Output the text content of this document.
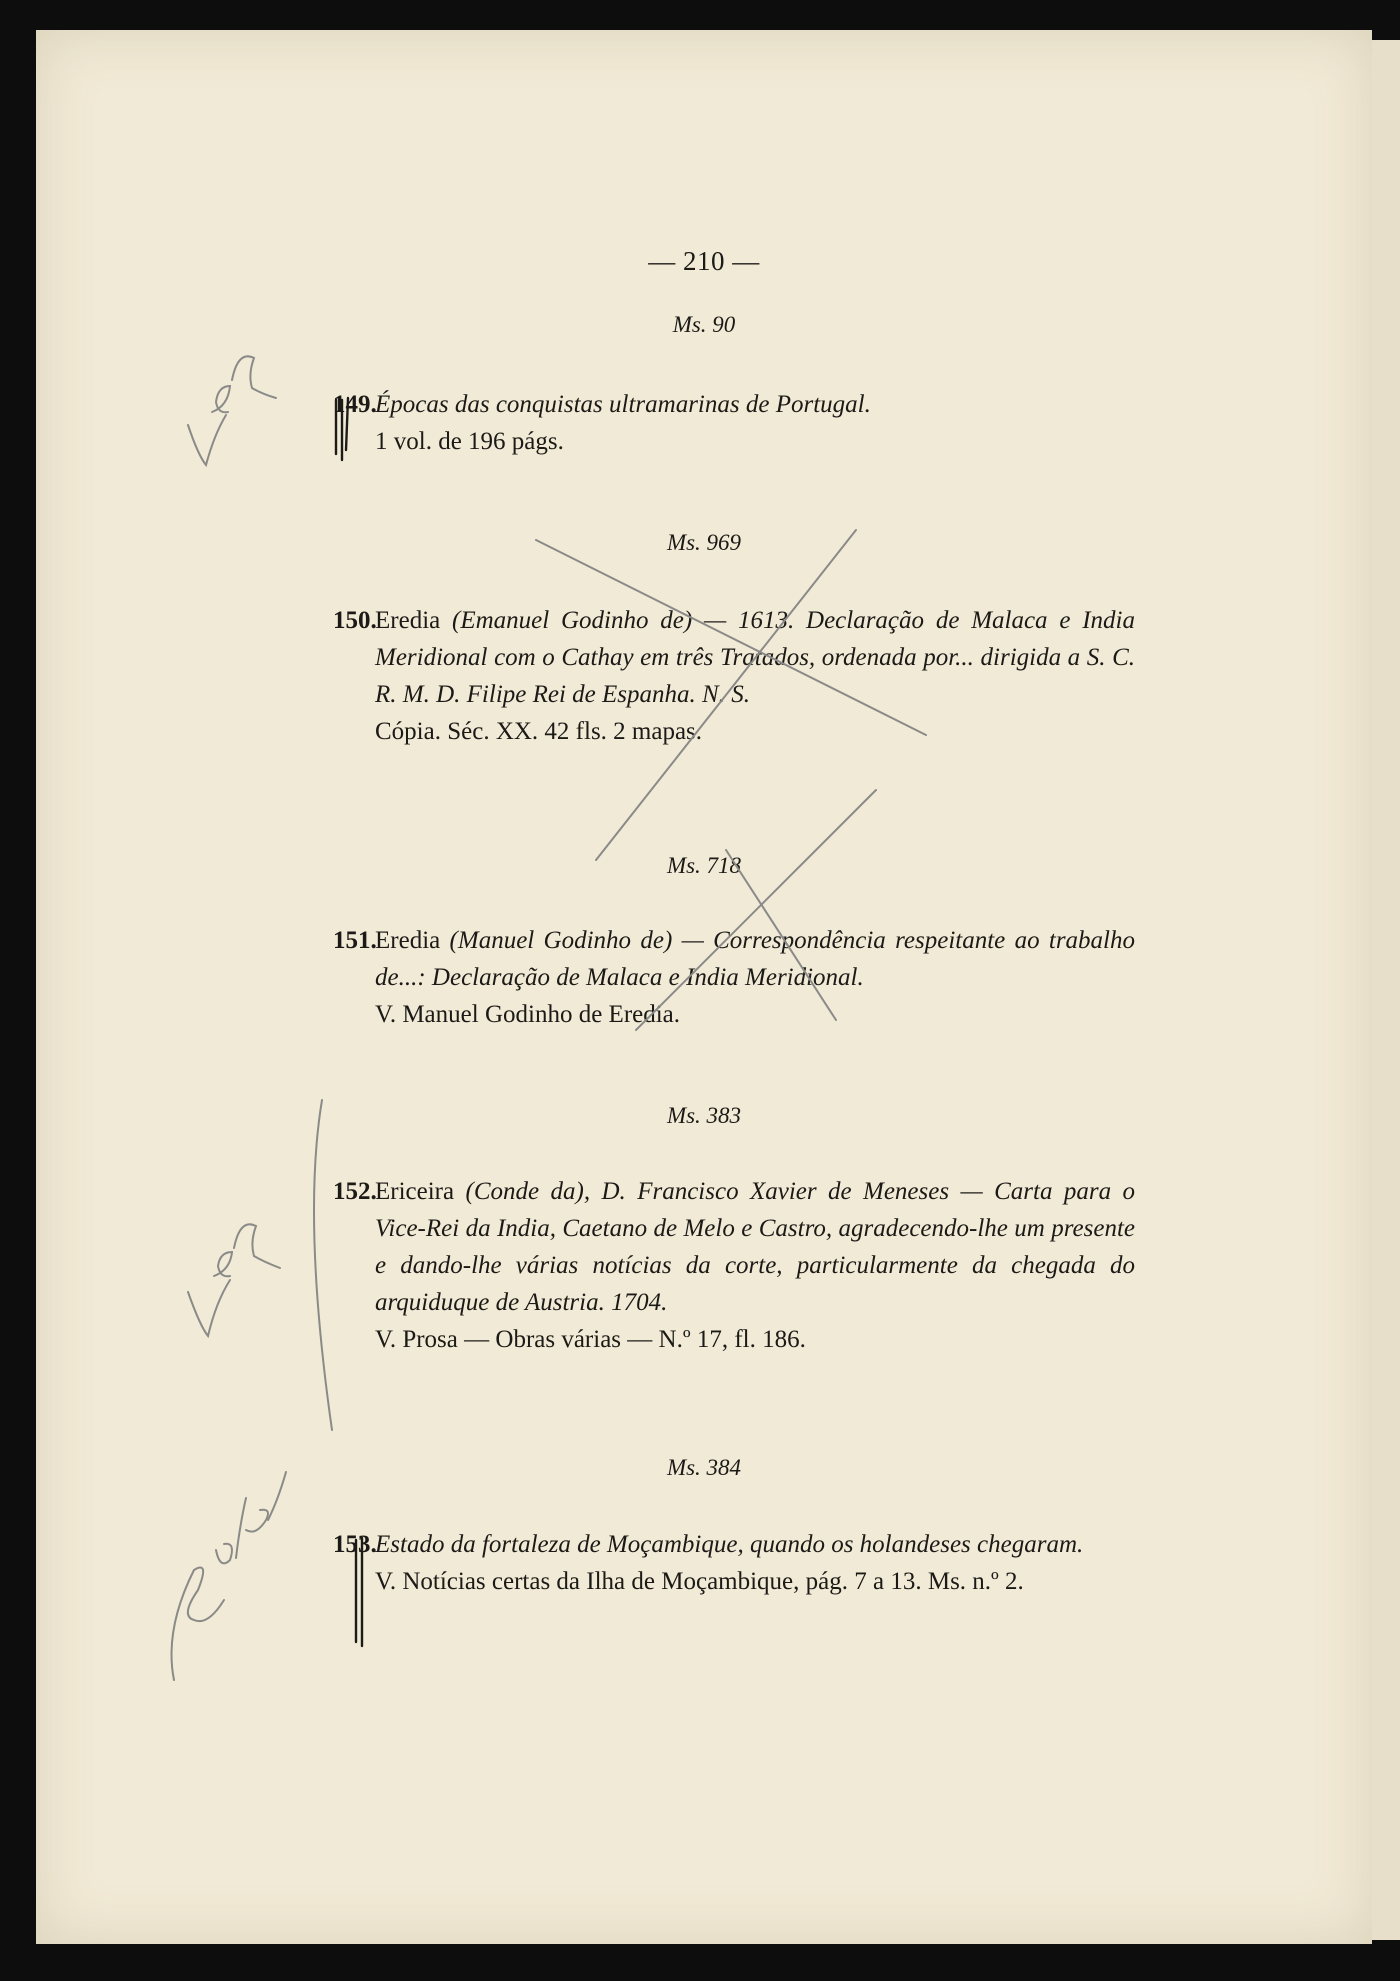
— 210 —
Ms. 90
149.
Épocas das conquistas ultramarinas de Portugal.
1 vol. de 196 págs.
Ms. 969
150.
Eredia (Emanuel Godinho de) — 1613. Declaração de Malaca e India Meridional com o Cathay em três Tratados, ordenada por... dirigida a S. C. R. M. D. Filipe Rei de Espanha. N. S.
Cópia. Séc. XX. 42 fls. 2 mapas.
Ms. 718
151.
Eredia (Manuel Godinho de) — Correspondência respeitante ao trabalho de...: Declaração de Malaca e India Meridional.
V. Manuel Godinho de Eredia.
Ms. 383
152.
Ericeira (Conde da), D. Francisco Xavier de Meneses — Carta para o Vice-Rei da India, Caetano de Melo e Castro, agradecendo-lhe um presente e dando-lhe várias notícias da corte, particularmente da chegada do arquiduque de Austria. 1704.
V. Prosa — Obras várias — N.º 17, fl. 186.
Ms. 384
153.
Estado da fortaleza de Moçambique, quando os holandeses chegaram.
V. Notícias certas da Ilha de Moçambique, pág. 7 a 13. Ms. n.º 2.
